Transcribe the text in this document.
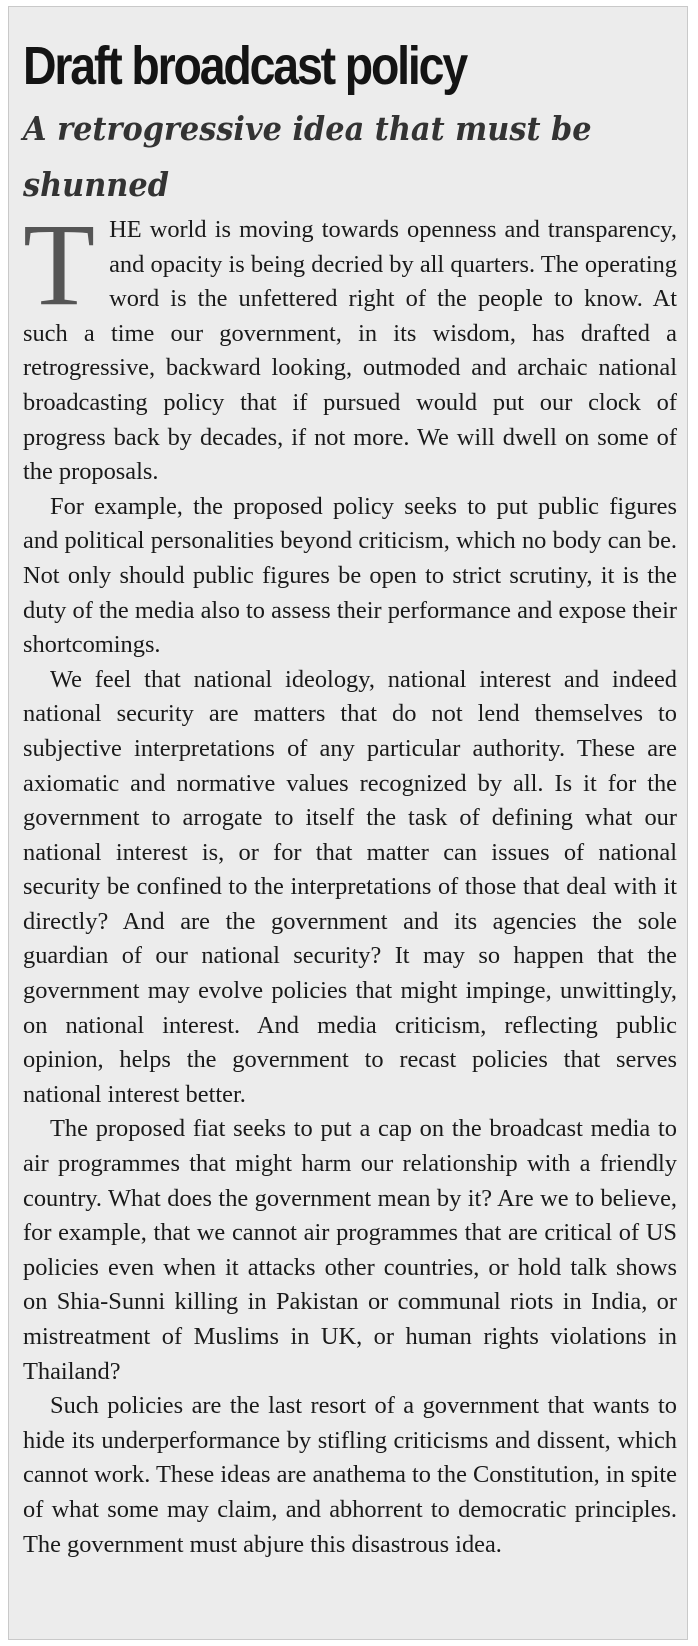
Draft broadcast policy
A retrogressive idea that must be shunned

THE world is moving towards openness and transparency, and opacity is being decried by all quarters. The operating word is the unfettered right of the people to know. At such a time our government, in its wisdom, has drafted a retrogressive, backward looking, outmoded and archaic national broadcasting policy that if pursued would put our clock of progress back by decades, if not more. We will dwell on some of the proposals.

For example, the proposed policy seeks to put public figures and political personalities beyond criticism, which no body can be. Not only should public figures be open to strict scrutiny, it is the duty of the media also to assess their performance and expose their shortcomings.

We feel that national ideology, national interest and indeed national security are matters that do not lend themselves to subjective interpretations of any particular authority. These are axiomatic and normative values recognized by all. Is it for the government to arrogate to itself the task of defining what our national interest is, or for that matter can issues of national security be confined to the interpretations of those that deal with it directly? And are the government and its agencies the sole guardian of our national security? It may so happen that the government may evolve policies that might impinge, unwittingly, on national interest. And media criticism, reflecting public opinion, helps the government to recast policies that serves national interest better.

The proposed fiat seeks to put a cap on the broadcast media to air programmes that might harm our relationship with a friendly country. What does the government mean by it? Are we to believe, for example, that we cannot air programmes that are critical of US policies even when it attacks other countries, or hold talk shows on Shia-Sunni killing in Pakistan or communal riots in India, or mistreatment of Muslims in UK, or human rights violations in Thailand?

Such policies are the last resort of a government that wants to hide its underperformance by stifling criticisms and dissent, which cannot work. These ideas are anathema to the Constitution, in spite of what some may claim, and abhorrent to democratic principles. The government must abjure this disastrous idea.
